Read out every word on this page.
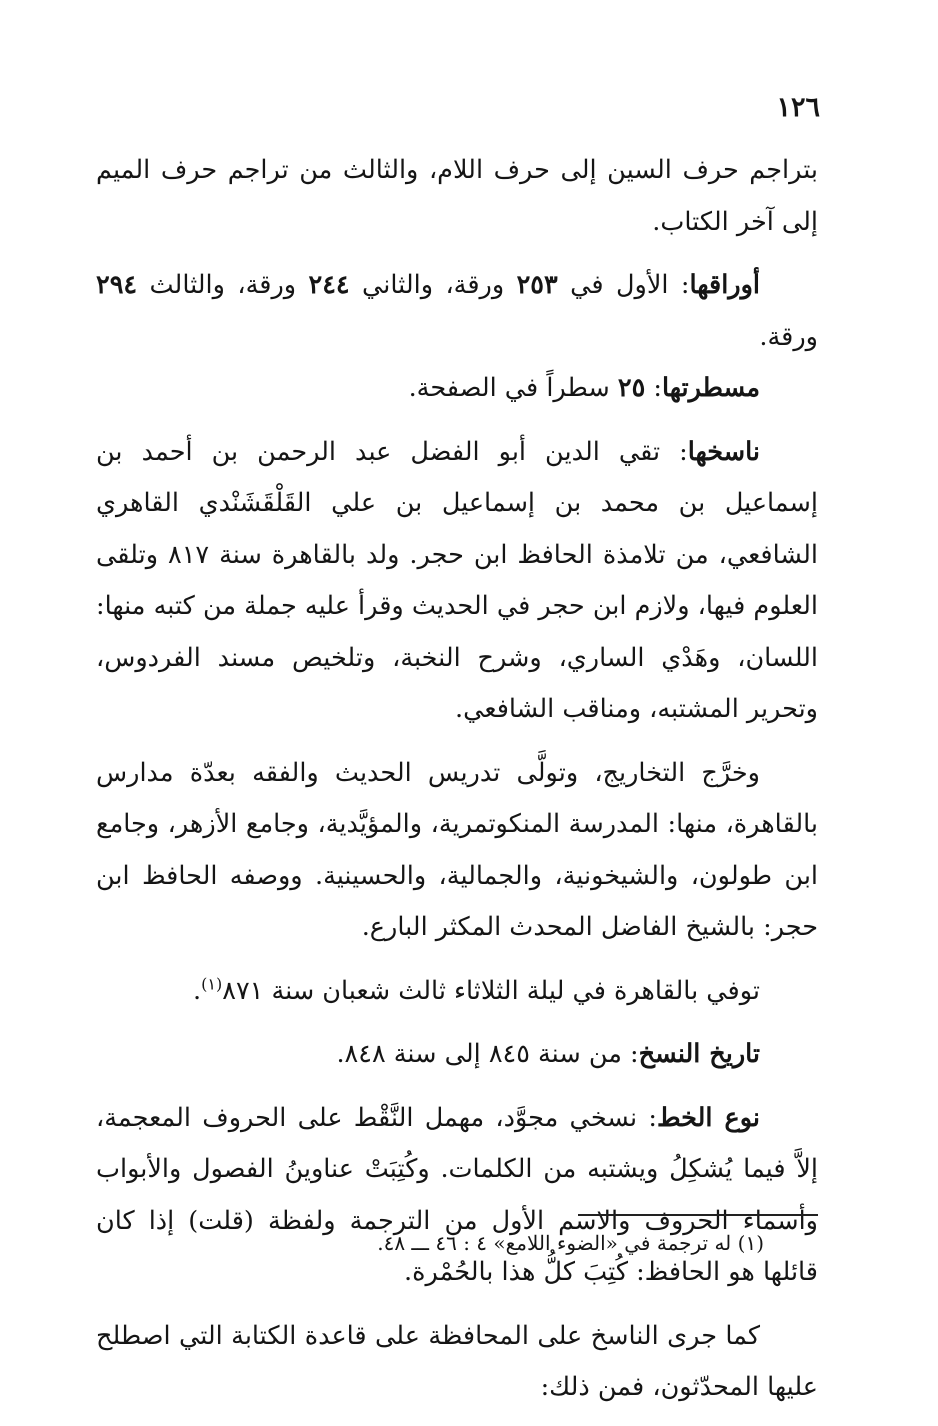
١٢٦

بتراجم حرف السين إلى حرف اللام، والثالث من تراجم حرف الميم إلى آخر الكتاب.

أوراقها: الأول في ٢٥٣ ورقة، والثاني ٢٤٤ ورقة، والثالث ٢٩٤ ورقة.

مسطرتها: ٢٥ سطراً في الصفحة.

ناسخها: تقي الدين أبو الفضل عبد الرحمن بن أحمد بن إسماعيل بن محمد بن إسماعيل بن علي القَلْقَشَنْدي القاهري الشافعي، من تلامذة الحافظ ابن حجر. ولد بالقاهرة سنة ٨١٧ وتلقى العلوم فيها، ولازم ابن حجر في الحديث وقرأ عليه جملة من كتبه منها: اللسان، وهَدْي الساري، وشرح النخبة، وتلخيص مسند الفردوس، وتحرير المشتبه، ومناقب الشافعي.

وخرَّج التخاريج، وتولَّى تدريس الحديث والفقه بعدّة مدارس بالقاهرة، منها: المدرسة المنكوتمرية، والمؤيَّدية، وجامع الأزهر، وجامع ابن طولون، والشيخونية، والجمالية، والحسينية. ووصفه الحافظ ابن حجر: بالشيخ الفاضل المحدث المكثر البارع.

توفي بالقاهرة في ليلة الثلاثاء ثالث شعبان سنة ٨٧١$^{(١)}$.

تاريخ النسخ: من سنة ٨٤٥ إلى سنة ٨٤٨.

نوع الخط: نسخي مجوَّد، مهمل النَّقْط على الحروف المعجمة، إلاَّ فيما يُشكِلُ ويشتبه من الكلمات. وكُتِبَتْ عناوينُ الفصول والأبواب وأسماء الحروف والاسم الأول من الترجمة ولفظة (قلت) إذا كان قائلها هو الحافظ: كُتِبَ كلُّ هذا بالحُمْرة.

كما جرى الناسخ على المحافظة على قاعدة الكتابة التي اصطلح عليها المحدّثون، فمن ذلك:

(١) له ترجمة في «الضوء اللامع» ٤ : ٤٦ ـــ ٤٨.
